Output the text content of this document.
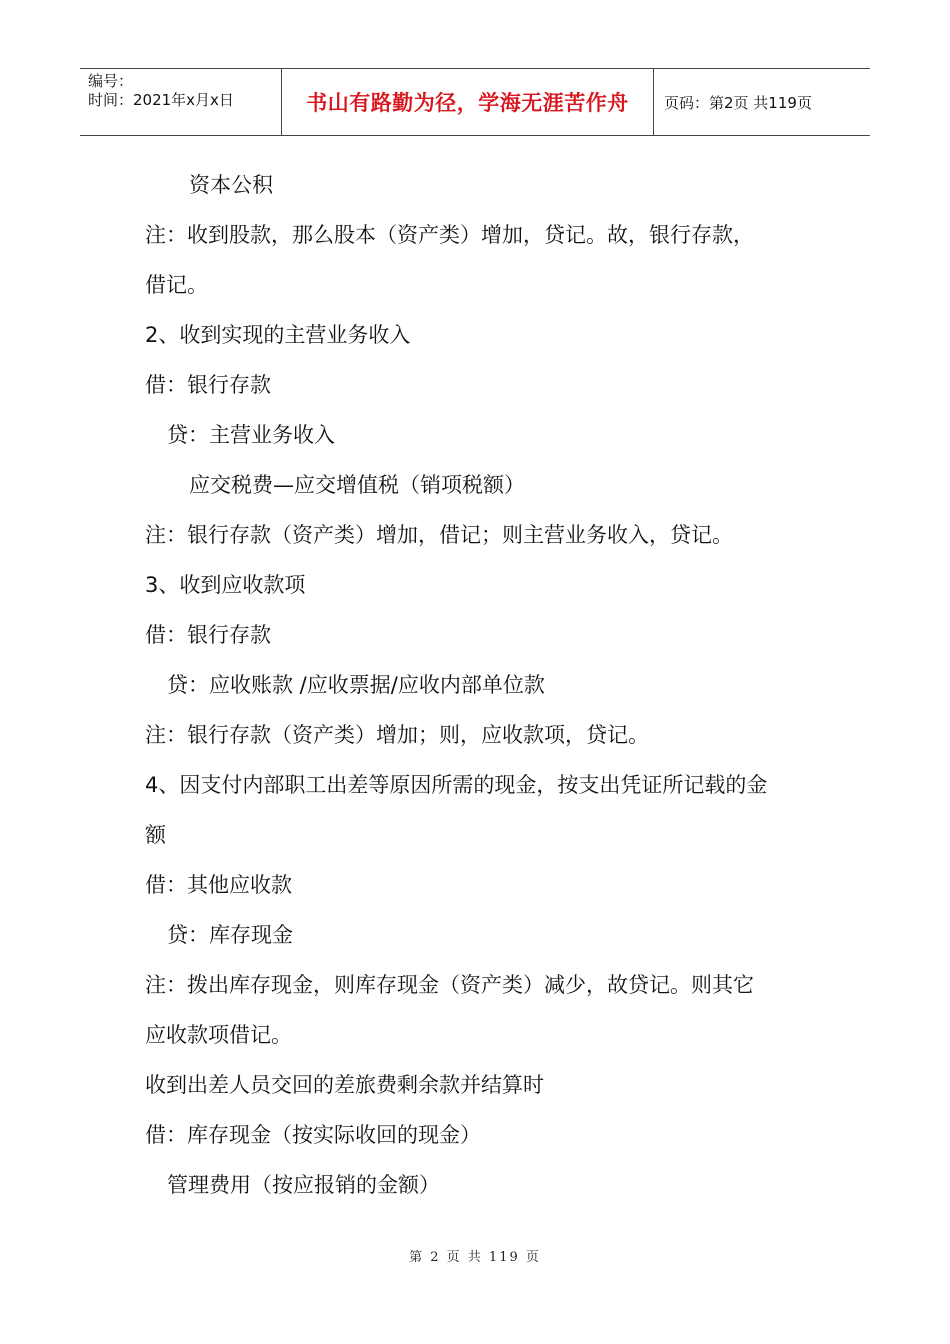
编号：
时间：2021年x月x日	书山有路勤为径，学海无涯苦作舟	页码：第2页 共119页
资本公积
注：收到股款，那么股本（资产类）增加，贷记。故，银行存款，
借记。
2、收到实现的主营业务收入
借：银行存款
贷：主营业务收入
应交税费—应交增值税（销项税额）
注：银行存款（资产类）增加，借记；则主营业务收入，贷记。
3、收到应收款项
借：银行存款
贷：应收账款 /应收票据/应收内部单位款
注：银行存款（资产类）增加；则，应收款项，贷记。
4、因支付内部职工出差等原因所需的现金，按支出凭证所记载的金
额
借：其他应收款
贷：库存现金
注：拨出库存现金，则库存现金（资产类）减少，故贷记。则其它
应收款项借记。
收到出差人员交回的差旅费剩余款并结算时
借：库存现金（按实际收回的现金）
管理费用（按应报销的金额）
第 2 页 共 119 页
